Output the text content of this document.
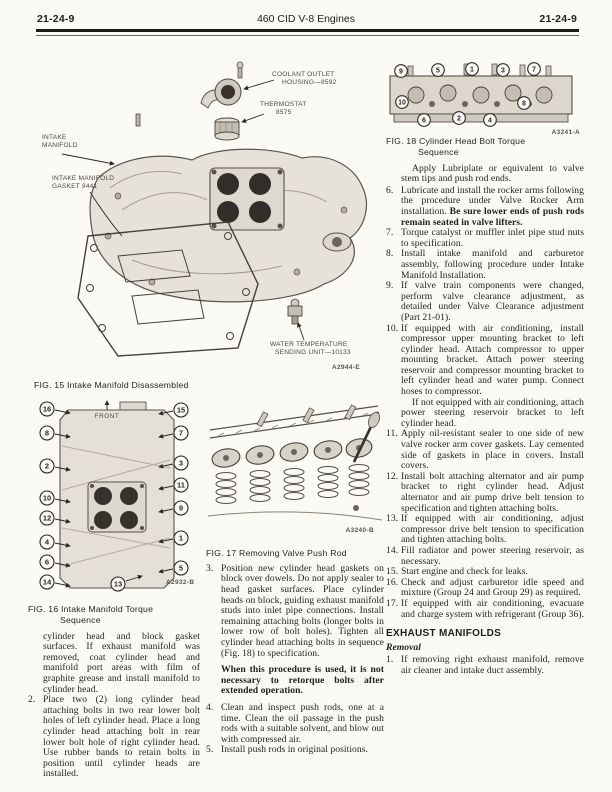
21-24-9	460 CID V-8 Engines	21-24-9
COOLANT OUTLET
HOUSING—8592
THERMOSTAT
8575
INTAKE
MANIFOLD
INTAKE MANIFOLD
GASKET 9441
WATER TEMPERATURE
SENDING UNIT—10133
A2944-E
FIG. 15 Intake Manifold Disassembled
16
8
2
10
12
4
6
14
15
7
3
11
9
1
5
13
FRONT
A2932-B
FIG. 16 Intake Manifold Torque
Sequence
cylinder head and block gasket surfaces. If exhaust manifold was removed, coat cylinder head and manifold port areas with film of graphite grease and install manifold to cylinder head.
2. Place two (2) long cylinder head attaching bolts in two rear lower bolt holes of left cylinder head. Place a long cylinder head attaching bolt in rear lower bolt hole of right cylinder head. Use rubber bands to retain bolts in position until cylinder heads are installed.
A3240-B
FIG. 17 Removing Valve Push Rod
3. Position new cylinder head gaskets on block over dowels. Do not apply sealer to head gasket surfaces. Place cylinder heads on block, guiding exhaust manifold studs into inlet pipe connections. Install remaining attaching bolts (longer bolts in lower row of bolt holes). Tighten all cylinder head attaching bolts in sequence (Fig. 18) to specification.
When this procedure is used, it is not necessary to retorque bolts after extended operation.
4. Clean and inspect push rods, one at a time. Clean the oil passage in the push rods with a suitable solvent, and blow out with compressed air.
5. Install push rods in original positions.
9	5	1	3	7
10	8
6	2	4
A3241-A
FIG. 18 Cylinder Head Bolt Torque
Sequence
Apply Lubriplate or equivalent to valve stem tips and push rod ends.
6. Lubricate and install the rocker arms following the procedure under Valve Rocker Arm installation. Be sure lower ends of push rods remain seated in valve lifters.
7. Torque catalyst or muffler inlet pipe stud nuts to specification.
8. Install intake manifold and carburetor assembly, following procedure under Intake Manifold Installation.
9. If valve train components were changed, perform valve clearance adjustment, as detailed under Valve Clearance adjustment (Part 21-01).
10. If equipped with air conditioning, install compressor upper mounting bracket to left cylinder head. Attach compressor to upper mounting bracket. Attach power steering reservoir and compressor mounting bracket to left cylinder head and water pump. Connect hoses to compressor.
If not equipped with air conditioning, attach power steering reservoir bracket to left cylinder head.
11. Apply oil-resistant sealer to one side of new valve rocker arm cover gaskets. Lay cemented side of gaskets in place in covers. Install covers.
12. Install bolt attaching alternator and air pump bracket to right cylinder head. Adjust alternator and air pump drive belt tension to specification and tighten attaching bolts.
13. If equipped with air conditioning, adjust compressor drive belt tension to specification and tighten attaching bolts.
14. Fill radiator and power steering reservoir, as necessary.
15. Start engine and check for leaks.
16. Check and adjust carburetor idle speed and mixture (Group 24 and Group 29) as required.
17. If equipped with air conditioning, evacuate and charge system with refrigerant (Group 36).
EXHAUST MANIFOLDS
Removal
1. If removing right exhaust manifold, remove air cleaner and intake duct assembly.
